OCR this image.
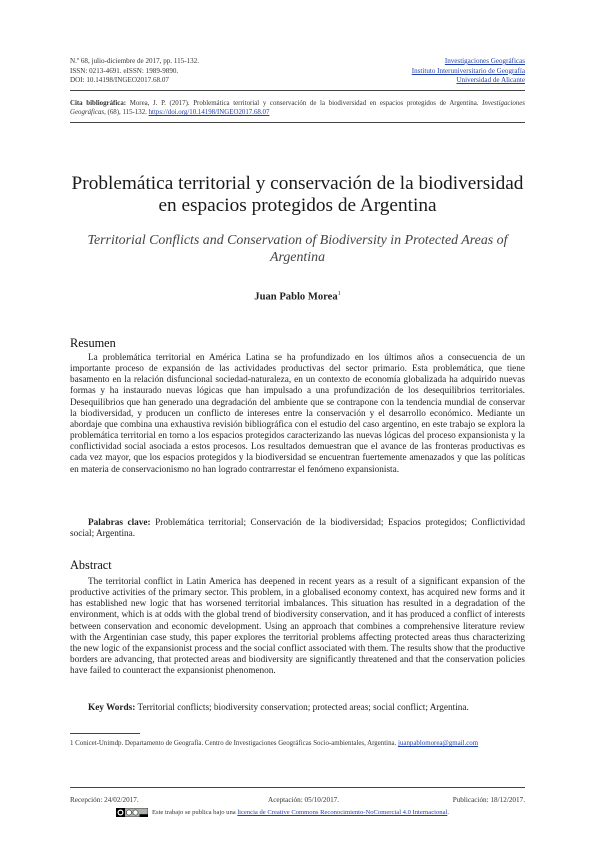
N.º 68, julio-diciembre de 2017, pp. 115-132.
ISSN: 0213-4691. eISSN: 1989-9890.
DOI: 10.14198/INGEO2017.68.07
Investigaciones Geográficas
Instituto Interuniversitario de Geografía
Universidad de Alicante
Cita bibliográfica: Morea, J. P. (2017). Problemática territorial y conservación de la biodiversidad en espacios protegidos de Argentina. Investigaciones Geográficas, (68), 115-132. https://doi.org/10.14198/INGEO2017.68.07
Problemática territorial y conservación de la biodiversidad en espacios protegidos de Argentina
Territorial Conflicts and Conservation of Biodiversity in Protected Areas of Argentina
Juan Pablo Morea$^1$
Resumen
La problemática territorial en América Latina se ha profundizado en los últimos años a consecuencia de un importante proceso de expansión de las actividades productivas del sector primario. Esta problemática, que tiene basamento en la relación disfuncional sociedad-naturaleza, en un contexto de economía globalizada ha adquirido nuevas formas y ha instaurado nuevas lógicas que han impulsado a una profundización de los desequilibrios territoriales. Desequilibrios que han generado una degradación del ambiente que se contrapone con la tendencia mundial de conservar la biodiversidad, y producen un conflicto de intereses entre la conservación y el desarrollo económico. Mediante un abordaje que combina una exhaustiva revisión bibliográfica con el estudio del caso argentino, en este trabajo se explora la problemática territorial en torno a los espacios protegidos caracterizando las nuevas lógicas del proceso expansionista y la conflictividad social asociada a estos procesos. Los resultados demuestran que el avance de las fronteras productivas es cada vez mayor, que los espacios protegidos y la biodiversidad se encuentran fuertemente amenazados y que las políticas en materia de conservacionismo no han logrado contrarrestar el fenómeno expansionista.
Palabras clave: Problemática territorial; Conservación de la biodiversidad; Espacios protegidos; Conflictividad social; Argentina.
Abstract
The territorial conflict in Latin America has deepened in recent years as a result of a significant expansion of the productive activities of the primary sector. This problem, in a globalised economy context, has acquired new forms and it has established new logic that has worsened territorial imbalances. This situation has resulted in a degradation of the environment, which is at odds with the global trend of biodiversity conservation, and it has produced a conflict of interests between conservation and economic development. Using an approach that combines a comprehensive literature review with the Argentinian case study, this paper explores the territorial problems affecting protected areas thus characterizing the new logic of the expansionist process and the social conflict associated with them. The results show that the productive borders are advancing, that protected areas and biodiversity are significantly threatened and that the conservation policies have failed to counteract the expansionist phenomenon.
Key Words: Territorial conflicts; biodiversity conservation; protected areas; social conflict; Argentina.
1 Conicet-Unimdp. Departamento de Geografía. Centro de Investigaciones Geográficas Socio-ambientales, Argentina. juanpablomorea@gmail.com
Recepción: 24/02/2017.	Aceptación: 05/10/2017.	Publicación: 18/12/2017.
Este trabajo se publica bajo una licencia de Creative Commons Reconocimiento-NoComercial 4.0 Internacional.
